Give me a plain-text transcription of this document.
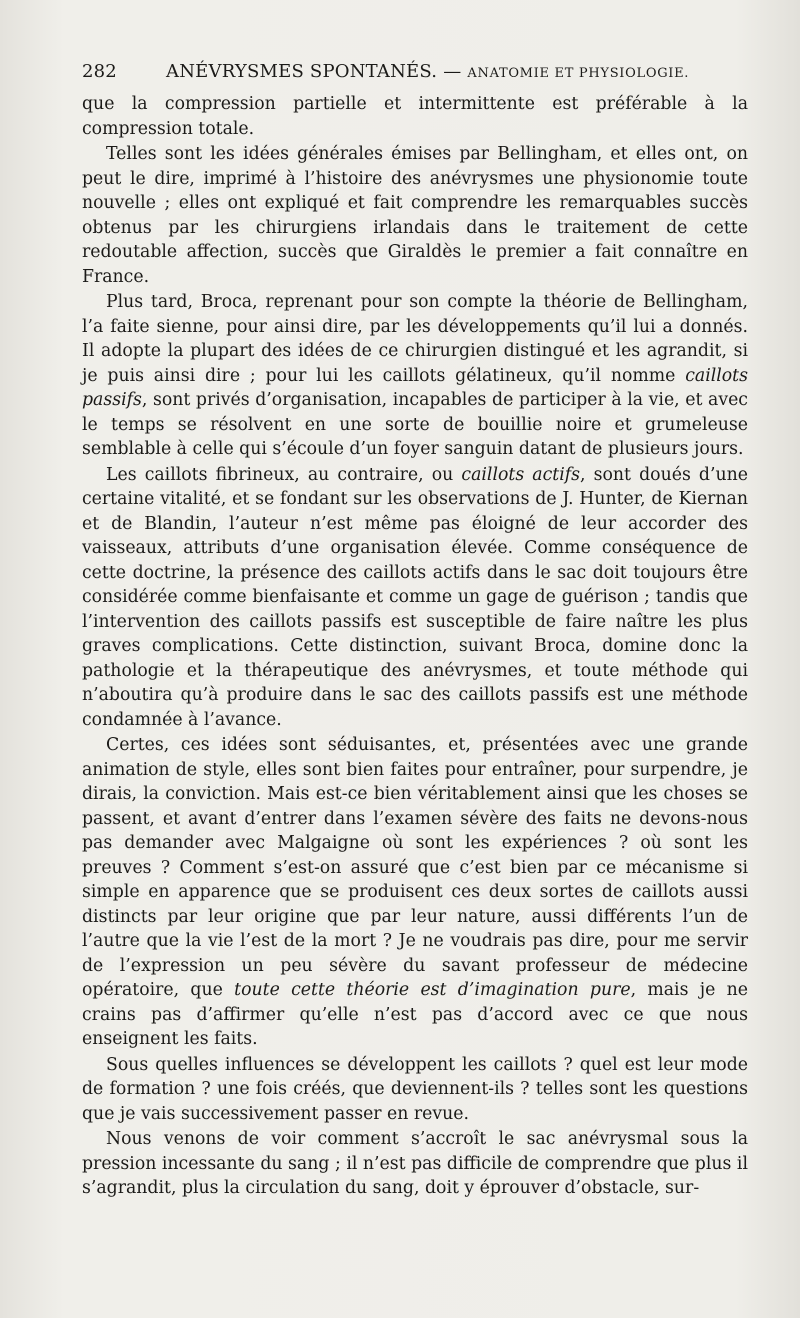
282	ANÉVRYSMES SPONTANÉS. — ANATOMIE ET PHYSIOLOGIE.

que la compression partielle et intermittente est préférable à la compression totale.

Telles sont les idées générales émises par Bellingham, et elles ont, on peut le dire, imprimé à l’histoire des anévrysmes une physionomie toute nouvelle ; elles ont expliqué et fait comprendre les remarquables succès obtenus par les chirurgiens irlandais dans le traitement de cette redoutable affection, succès que Giraldès le premier a fait connaître en France.

Plus tard, Broca, reprenant pour son compte la théorie de Bellingham, l’a faite sienne, pour ainsi dire, par les développements qu’il lui a donnés. Il adopte la plupart des idées de ce chirurgien distingué et les agrandit, si je puis ainsi dire ; pour lui les caillots gélatineux, qu’il nomme caillots passifs, sont privés d’organisation, incapables de participer à la vie, et avec le temps se résolvent en une sorte de bouillie noire et grumeleuse semblable à celle qui s’écoule d’un foyer sanguin datant de plusieurs jours.

Les caillots fibrineux, au contraire, ou caillots actifs, sont doués d’une certaine vitalité, et se fondant sur les observations de J. Hunter, de Kiernan et de Blandin, l’auteur n’est même pas éloigné de leur accorder des vaisseaux, attributs d’une organisation élevée. Comme conséquence de cette doctrine, la présence des caillots actifs dans le sac doit toujours être considérée comme bienfaisante et comme un gage de guérison ; tandis que l’intervention des caillots passifs est susceptible de faire naître les plus graves complications. Cette distinction, suivant Broca, domine donc la pathologie et la thérapeutique des anévrysmes, et toute méthode qui n’aboutira qu’à produire dans le sac des caillots passifs est une méthode condamnée à l’avance.

Certes, ces idées sont séduisantes, et, présentées avec une grande animation de style, elles sont bien faites pour entraîner, pour surpendre, je dirais, la conviction. Mais est-ce bien véritablement ainsi que les choses se passent, et avant d’entrer dans l’examen sévère des faits ne devons-nous pas demander avec Malgaigne où sont les expériences ? où sont les preuves ? Comment s’est-on assuré que c’est bien par ce mécanisme si simple en apparence que se produisent ces deux sortes de caillots aussi distincts par leur origine que par leur nature, aussi différents l’un de l’autre que la vie l’est de la mort ? Je ne voudrais pas dire, pour me servir de l’expression un peu sévère du savant professeur de médecine opératoire, que toute cette théorie est d’imagination pure, mais je ne crains pas d’affirmer qu’elle n’est pas d’accord avec ce que nous enseignent les faits.

Sous quelles influences se développent les caillots ? quel est leur mode de formation ? une fois créés, que deviennent-ils ? telles sont les questions que je vais successivement passer en revue.

Nous venons de voir comment s’accroît le sac anévrysmal sous la pression incessante du sang ; il n’est pas difficile de comprendre que plus il s’agrandit, plus la circulation du sang, doit y éprouver d’obstacle, sur-
